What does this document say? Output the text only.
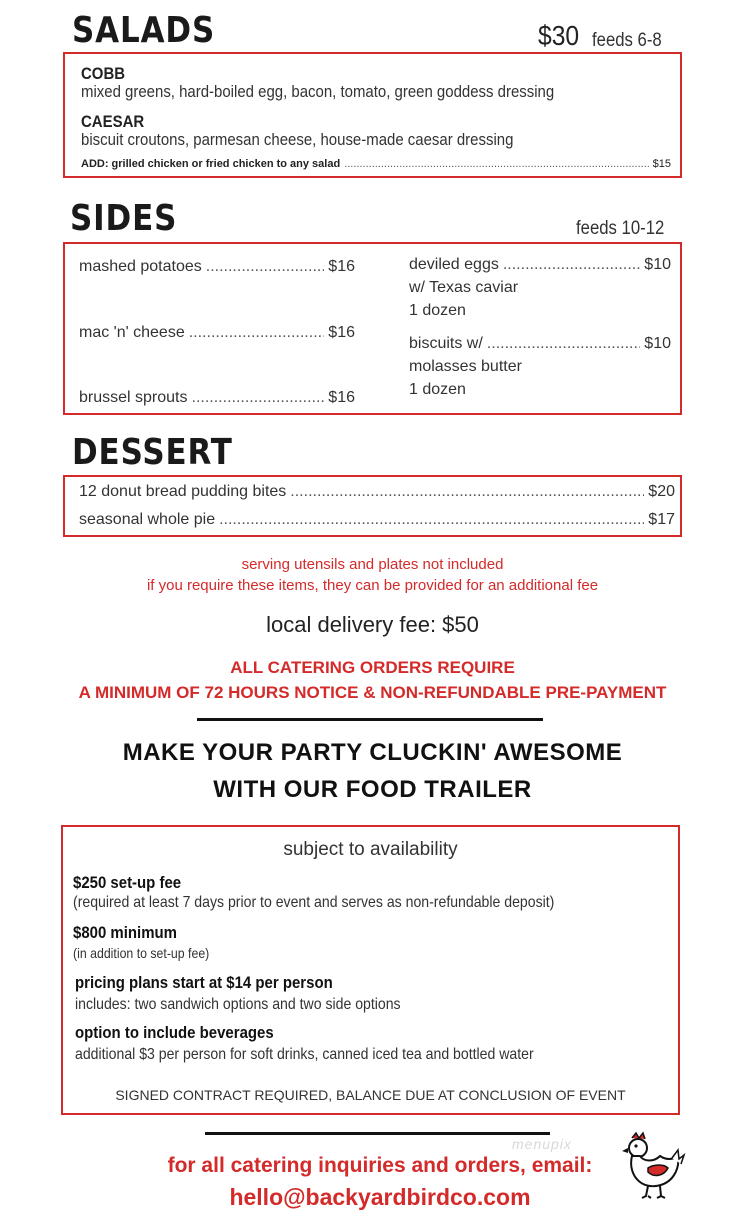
SALADS	$30 feeds 6-8
COBB
mixed greens, hard-boiled egg, bacon, tomato, green goddess dressing
CAESAR
biscuit croutons, parmesan cheese, house-made caesar dressing
ADD: grilled chicken or fried chicken to any salad .....	$15
SIDES	feeds 10-12
mashed potatoes .....	$16
mac 'n' cheese .....	$16
brussel sprouts .....	$16
deviled eggs .....	$10
w/ Texas caviar
1 dozen
biscuits w/ .....	$10
molasses butter
1 dozen
DESSERT
12 donut bread pudding bites .....	$20
seasonal whole pie .....	$17
serving utensils and plates not included
if you require these items, they can be provided for an additional fee
local delivery fee: $50
ALL CATERING ORDERS REQUIRE
A MINIMUM OF 72 HOURS NOTICE & NON-REFUNDABLE PRE-PAYMENT
MAKE YOUR PARTY CLUCKIN' AWESOME
WITH OUR FOOD TRAILER
subject to availability
$250 set-up fee
(required at least 7 days prior to event and serves as non-refundable deposit)
$800 minimum
(in addition to set-up fee)
pricing plans start at $14 per person
includes: two sandwich options and two side options
option to include beverages
additional $3 per person for soft drinks, canned iced tea and bottled water
SIGNED CONTRACT REQUIRED, BALANCE DUE AT CONCLUSION OF EVENT
menupix
for all catering inquiries and orders, email:
hello@backyardbirdco.com
